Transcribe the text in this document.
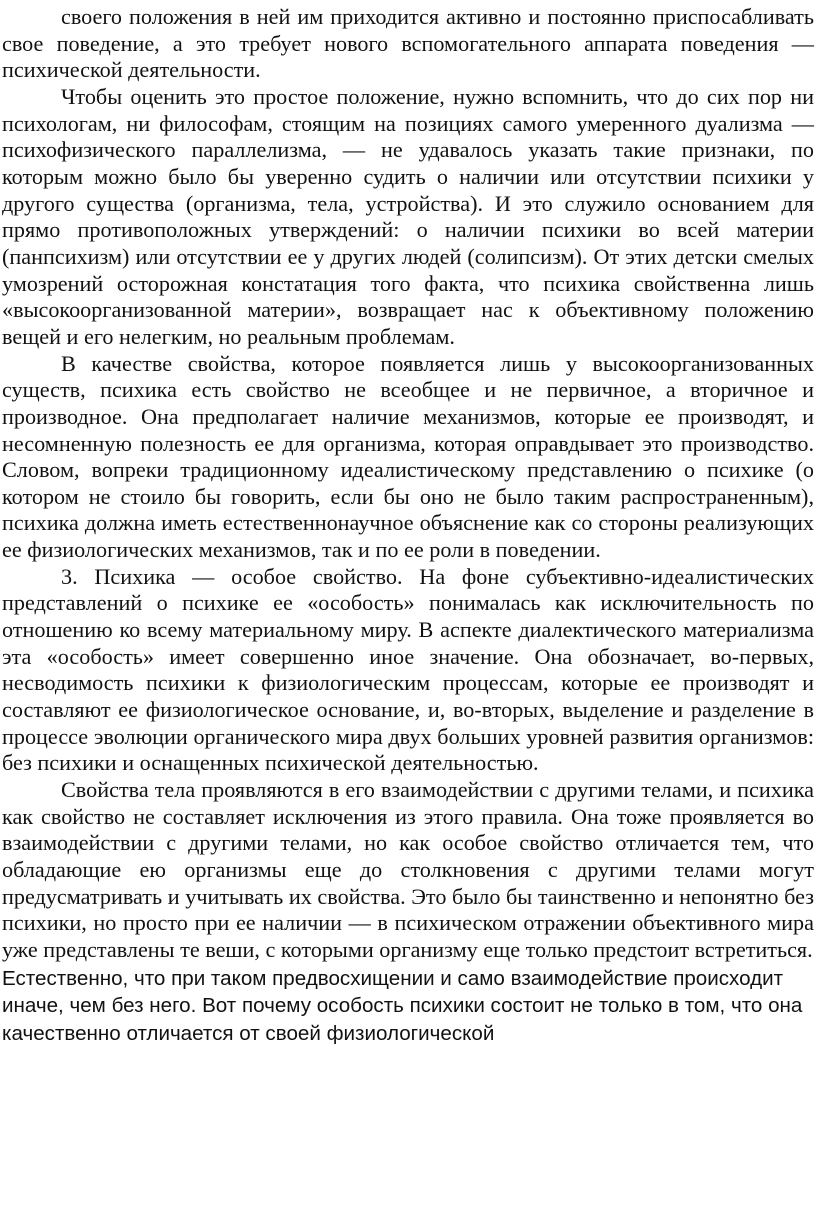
своего положения в ней им приходится активно и постоянно приспосабливать свое поведение, а это требует нового вспомогательного аппарата поведения — психической деятельности.

Чтобы оценить это простое положение, нужно вспомнить, что до сих пор ни психологам, ни философам, стоящим на позициях самого умеренного дуализма — психофизического параллелизма, — не удавалось указать такие признаки, по которым можно было бы уверенно судить о наличии или отсутствии психики у другого существа (организма, тела, устройства). И это служило основанием для прямо противоположных утверждений: о наличии психики во всей материи (панпсихизм) или отсутствии ее у других людей (солипсизм). От этих детски смелых умозрений осторожная констатация того факта, что психика свойственна лишь «высокоорганизованной материи», возвращает нас к объективному положению вещей и его нелегким, но реальным проблемам.

В качестве свойства, которое появляется лишь у высокоорганизованных существ, психика есть свойство не всеобщее и не первичное, а вторичное и производное. Она предполагает наличие механизмов, которые ее производят, и несомненную полезность ее для организма, которая оправдывает это производство. Словом, вопреки традиционному идеалистическому представлению о психике (о котором не стоило бы говорить, если бы оно не было таким распространенным), психика должна иметь естественнонаучное объяснение как со стороны реализующих ее физиологических механизмов, так и по ее роли в поведении.

3. Психика — особое свойство. На фоне субъективно-идеалистических представлений о психике ее «особость» понималась как исключительность по отношению ко всему материальному миру. В аспекте диалектического материализма эта «особость» имеет совершенно иное значение. Она обозначает, во-первых, несводимость психики к физиологическим процессам, которые ее производят и составляют ее физиологическое основание, и, во-вторых, выделение и разделение в процессе эволюции органического мира двух больших уровней развития организмов: без психики и оснащенных психической деятельностью.

Свойства тела проявляются в его взаимодействии с другими телами, и психика как свойство не составляет исключения из этого правила. Она тоже проявляется во взаимодействии с другими телами, но как особое свойство отличается тем, что обладающие ею организмы еще до столкновения с другими телами могут предусматривать и учитывать их свойства. Это было бы таинственно и непонятно без психики, но просто при ее наличии — в психическом отражении объективного мира уже представлены те веши, с которыми организму еще только предстоит встретиться.

Естественно, что при таком предвосхищении и само взаимодействие происходит иначе, чем без него. Вот почему особость психики состоит не только в том, что она качественно отличается от своей физиологической
